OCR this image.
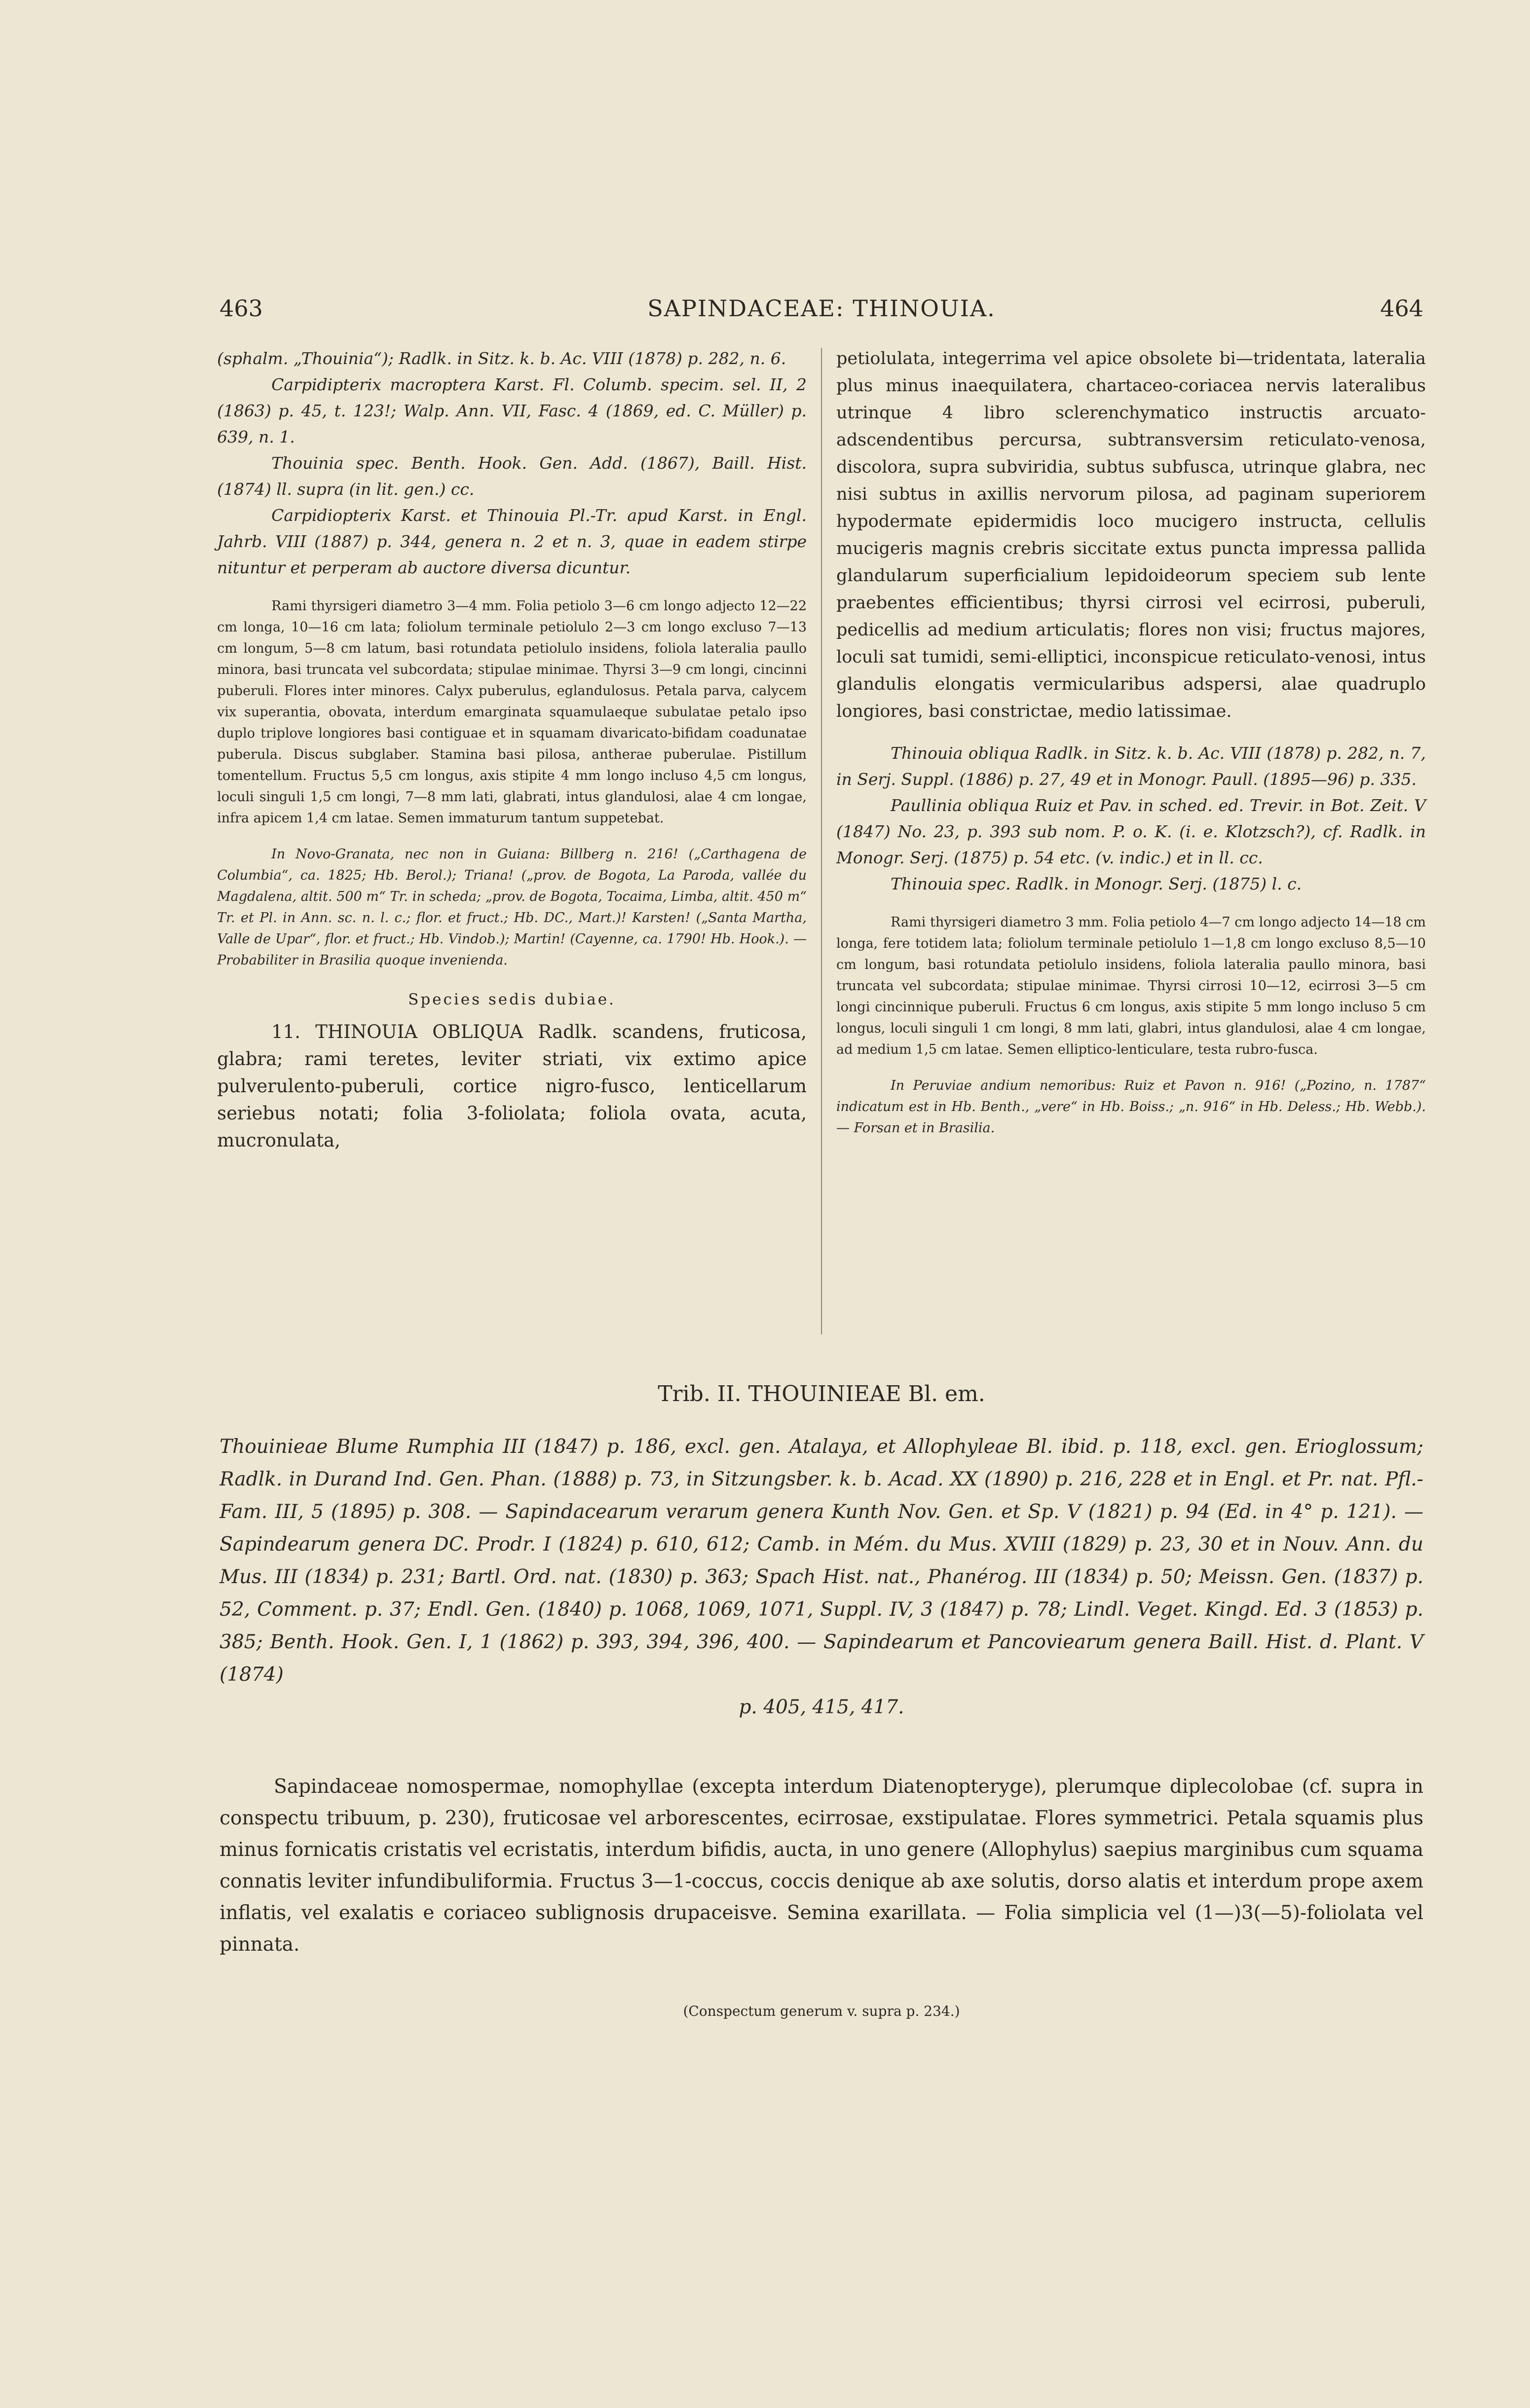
463	SAPINDACEAE: THINOUIA.	464

(sphalm. „Thouinia“); Radlk. in Sitz. k. b. Ac. VIII (1878) p. 282, n. 6.

Carpidipterix macroptera Karst. Fl. Columb. specim. sel. II, 2 (1863) p. 45, t. 123!; Walp. Ann. VII, Fasc. 4 (1869, ed. C. Müller) p. 639, n. 1.

Thouinia spec. Benth. Hook. Gen. Add. (1867), Baill. Hist. (1874) ll. supra (in lit. gen.) cc.

Carpidiopterix Karst. et Thinouia Pl.-Tr. apud Karst. in Engl. Jahrb. VIII (1887) p. 344, genera n. 2 et n. 3, quae in eadem stirpe nituntur et perperam ab auctore diversa dicuntur.

Rami thyrsigeri diametro 3—4 mm. Folia petiolo 3—6 cm longo adjecto 12—22 cm longa, 10—16 cm lata; foliolum terminale petiolulo 2—3 cm longo excluso 7—13 cm longum, 5—8 cm latum, basi rotundata petiolulo insidens, foliola lateralia paullo minora, basi truncata vel subcordata; stipulae minimae. Thyrsi 3—9 cm longi, cincinni puberuli. Flores inter minores. Calyx puberulus, eglandulosus. Petala parva, calycem vix superantia, obovata, interdum emarginata squamulaeque subulatae petalo ipso duplo triplove longiores basi contiguae et in squamam divaricato-bifidam coadunatae puberula. Discus subglaber. Stamina basi pilosa, antherae puberulae. Pistillum tomentellum. Fructus 5,5 cm longus, axis stipite 4 mm longo incluso 4,5 cm longus, loculi singuli 1,5 cm longi, 7—8 mm lati, glabrati, intus glandulosi, alae 4 cm longae, infra apicem 1,4 cm latae. Semen immaturum tantum suppetebat.

In Novo-Granata, nec non in Guiana: Billberg n. 216! („Carthagena de Columbia“, ca. 1825; Hb. Berol.); Triana! („prov. de Bogota, La Paroda, vallée du Magdalena, altit. 500 m“ Tr. in scheda; „prov. de Bogota, Tocaima, Limba, altit. 450 m“ Tr. et Pl. in Ann. sc. n. l. c.; flor. et fruct.; Hb. DC., Mart.)! Karsten! („Santa Martha, Valle de Upar“, flor. et fruct.; Hb. Vindob.); Martin! (Cayenne, ca. 1790! Hb. Hook.). — Probabiliter in Brasilia quoque invenienda.

Species sedis dubiae.

11. THINOUIA OBLIQUA Radlk. scandens, fruticosa, glabra; rami teretes, leviter striati, vix extimo apice pulverulento-puberuli, cortice nigro-fusco, lenticellarum seriebus notati; folia 3-foliolata; foliola ovata, acuta, mucronulata,

petiolulata, integerrima vel apice obsolete bi—tridentata, lateralia plus minus inaequilatera, chartaceo-coriacea nervis lateralibus utrinque 4 libro sclerenchymatico instructis arcuato-adscendentibus percursa, subtransversim reticulato-venosa, discolora, supra subviridia, subtus subfusca, utrinque glabra, nec nisi subtus in axillis nervorum pilosa, ad paginam superiorem hypodermate epidermidis loco mucigero instructa, cellulis mucigeris magnis crebris siccitate extus puncta impressa pallida glandularum superficialium lepidoideorum speciem sub lente praebentes efficientibus; thyrsi cirrosi vel ecirrosi, puberuli, pedicellis ad medium articulatis; flores non visi; fructus majores, loculi sat tumidi, semi-elliptici, inconspicue reticulato-venosi, intus glandulis elongatis vermicularibus adspersi, alae quadruplo longiores, basi constrictae, medio latissimae.

Thinouia obliqua Radlk. in Sitz. k. b. Ac. VIII (1878) p. 282, n. 7, in Serj. Suppl. (1886) p. 27, 49 et in Monogr. Paull. (1895—96) p. 335.

Paullinia obliqua Ruiz et Pav. in sched. ed. Trevir. in Bot. Zeit. V (1847) No. 23, p. 393 sub nom. P. o. K. (i. e. Klotzsch?), cf. Radlk. in Monogr. Serj. (1875) p. 54 etc. (v. indic.) et in ll. cc.

Thinouia spec. Radlk. in Monogr. Serj. (1875) l. c.

Rami thyrsigeri diametro 3 mm. Folia petiolo 4—7 cm longo adjecto 14—18 cm longa, fere totidem lata; foliolum terminale petiolulo 1—1,8 cm longo excluso 8,5—10 cm longum, basi rotundata petiolulo insidens, foliola lateralia paullo minora, basi truncata vel subcordata; stipulae minimae. Thyrsi cirrosi 10—12, ecirrosi 3—5 cm longi cincinnique puberuli. Fructus 6 cm longus, axis stipite 5 mm longo incluso 5 cm longus, loculi singuli 1 cm longi, 8 mm lati, glabri, intus glandulosi, alae 4 cm longae, ad medium 1,5 cm latae. Semen elliptico-lenticulare, testa rubro-fusca.

In Peruviae andium nemoribus: Ruiz et Pavon n. 916! („Pozino, n. 1787“ indicatum est in Hb. Benth., „vere“ in Hb. Boiss.; „n. 916“ in Hb. Deless.; Hb. Webb.). — Forsan et in Brasilia.

Trib. II. THOUINIEAE Bl. em.
Thouinieae Blume Rumphia III (1847) p. 186, excl. gen. Atalaya, et Allophyleae Bl. ibid. p. 118, excl. gen. Erioglossum; Radlk. in Durand Ind. Gen. Phan. (1888) p. 73, in Sitzungsber. k. b. Acad. XX (1890) p. 216, 228 et in Engl. et Pr. nat. Pfl.-Fam. III, 5 (1895) p. 308. — Sapindacearum verarum genera Kunth Nov. Gen. et Sp. V (1821) p. 94 (Ed. in 4° p. 121). — Sapindearum genera DC. Prodr. I (1824) p. 610, 612; Camb. in Mém. du Mus. XVIII (1829) p. 23, 30 et in Nouv. Ann. du Mus. III (1834) p. 231; Bartl. Ord. nat. (1830) p. 363; Spach Hist. nat., Phanérog. III (1834) p. 50; Meissn. Gen. (1837) p. 52, Comment. p. 37; Endl. Gen. (1840) p. 1068, 1069, 1071, Suppl. IV, 3 (1847) p. 78; Lindl. Veget. Kingd. Ed. 3 (1853) p. 385; Benth. Hook. Gen. I, 1 (1862) p. 393, 394, 396, 400. — Sapindearum et Pancoviearum genera Baill. Hist. d. Plant. V (1874)
p. 405, 415, 417.
Sapindaceae nomospermae, nomophyllae (excepta interdum Diatenopteryge), plerumque diplecolobae (cf. supra in conspectu tribuum, p. 230), fruticosae vel arborescentes, ecirrosae, exstipulatae. Flores symmetrici. Petala squamis plus minus fornicatis cristatis vel ecristatis, interdum bifidis, aucta, in uno genere (Allophylus) saepius marginibus cum squama connatis leviter infundibuliformia. Fructus 3—1-coccus, coccis denique ab axe solutis, dorso alatis et interdum prope axem inflatis, vel exalatis e coriaceo sublignosis drupaceisve. Semina exarillata. — Folia simplicia vel (1—)3(—5)-foliolata vel pinnata.
(Conspectum generum v. supra p. 234.)
